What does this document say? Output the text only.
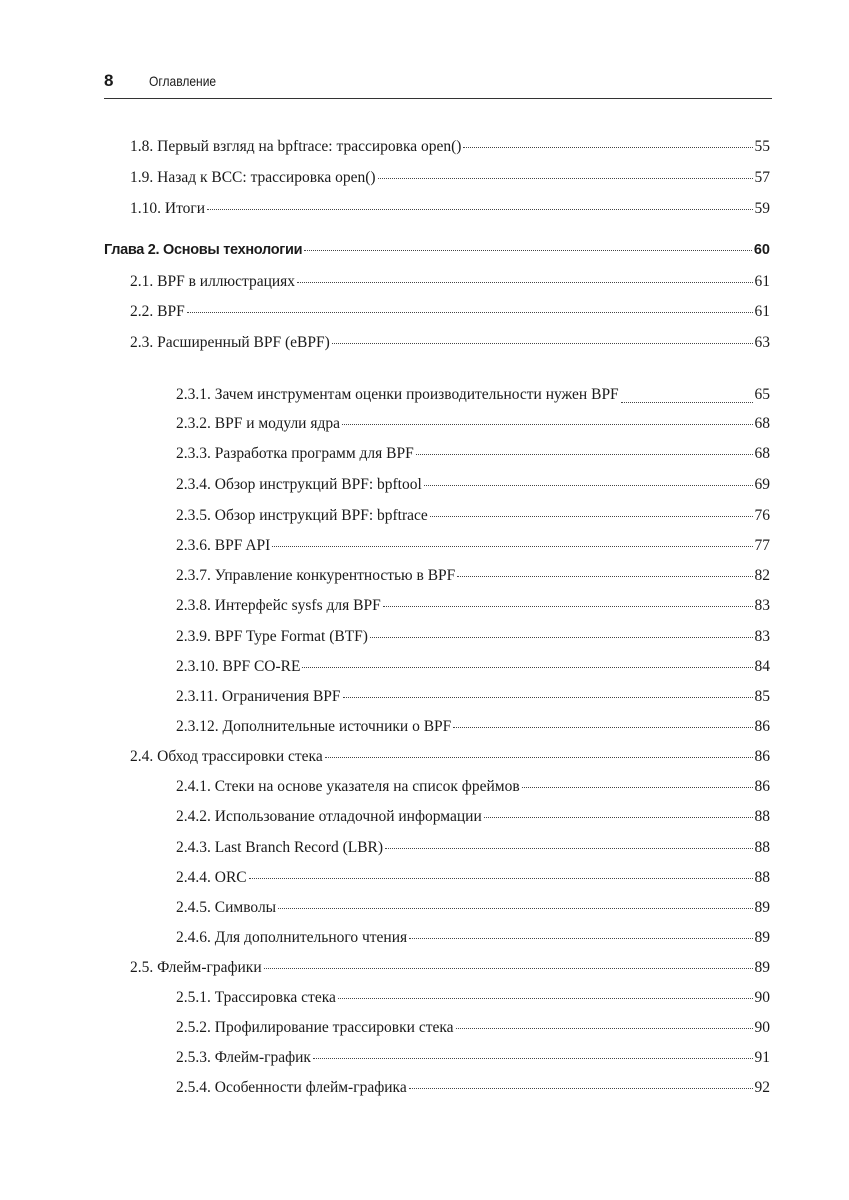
8	Оглавление
1.8. Первый взгляд на bpftrace: трассировка open()	55
1.9. Назад к BCC: трассировка open()	57
1.10. Итоги	59
Глава 2. Основы технологии	60
2.1. BPF в иллюстрациях	61
2.2. BPF	61
2.3. Расширенный BPF (eBPF)	63
2.3.1. Зачем инструментам оценки производительности нужен BPF	65
2.3.2. BPF и модули ядра	68
2.3.3. Разработка программ для BPF	68
2.3.4. Обзор инструкций BPF: bpftool	69
2.3.5. Обзор инструкций BPF: bpftrace	76
2.3.6. BPF API	77
2.3.7. Управление конкурентностью в BPF	82
2.3.8. Интерфейс sysfs для BPF	83
2.3.9. BPF Type Format (BTF)	83
2.3.10. BPF CO-RE	84
2.3.11. Ограничения BPF	85
2.3.12. Дополнительные источники о BPF	86
2.4. Обход трассировки стека	86
2.4.1. Стеки на основе указателя на список фреймов	86
2.4.2. Использование отладочной информации	88
2.4.3. Last Branch Record (LBR)	88
2.4.4. ORC	88
2.4.5. Символы	89
2.4.6. Для дополнительного чтения	89
2.5. Флейм-графики	89
2.5.1. Трассировка стека	90
2.5.2. Профилирование трассировки стека	90
2.5.3. Флейм-график	91
2.5.4. Особенности флейм-графика	92
